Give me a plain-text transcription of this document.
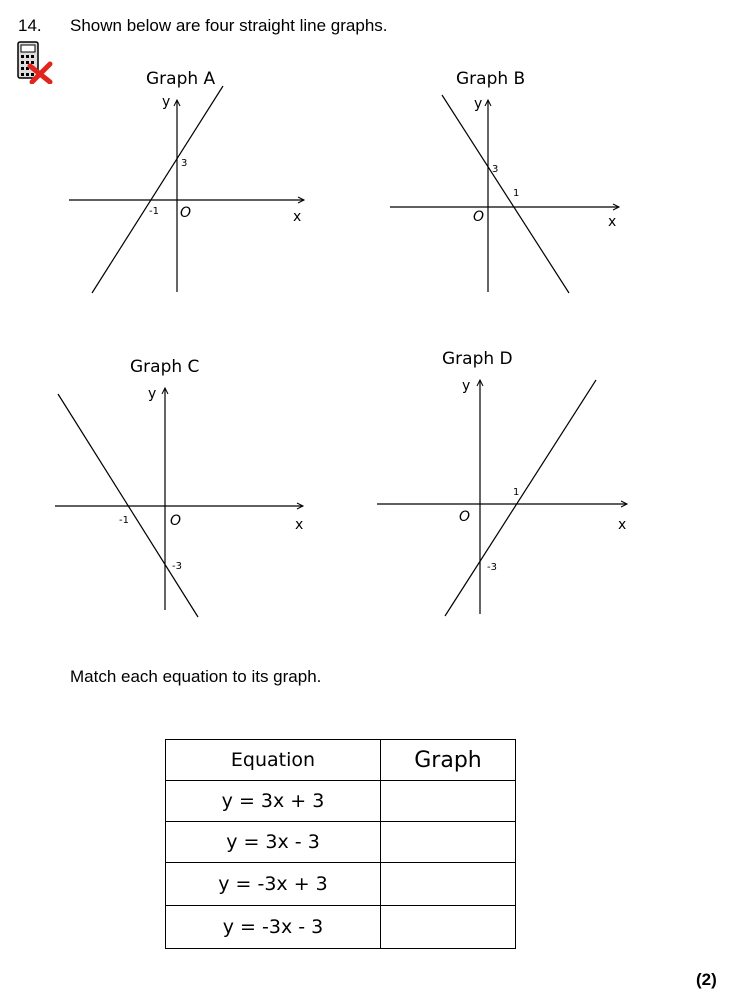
14. Shown below are four straight line graphs.
Graph A
y
x
-1
3
O
Graph B
y
x
3
1
O
Graph C
y
x
-1
-3
O
Graph D
y
x
1
-3
O
Match each equation to its graph.
Equation	Graph
y = 3x + 3	
y = 3x - 3	
y = -3x + 3	
y = -3x - 3	
(2)
